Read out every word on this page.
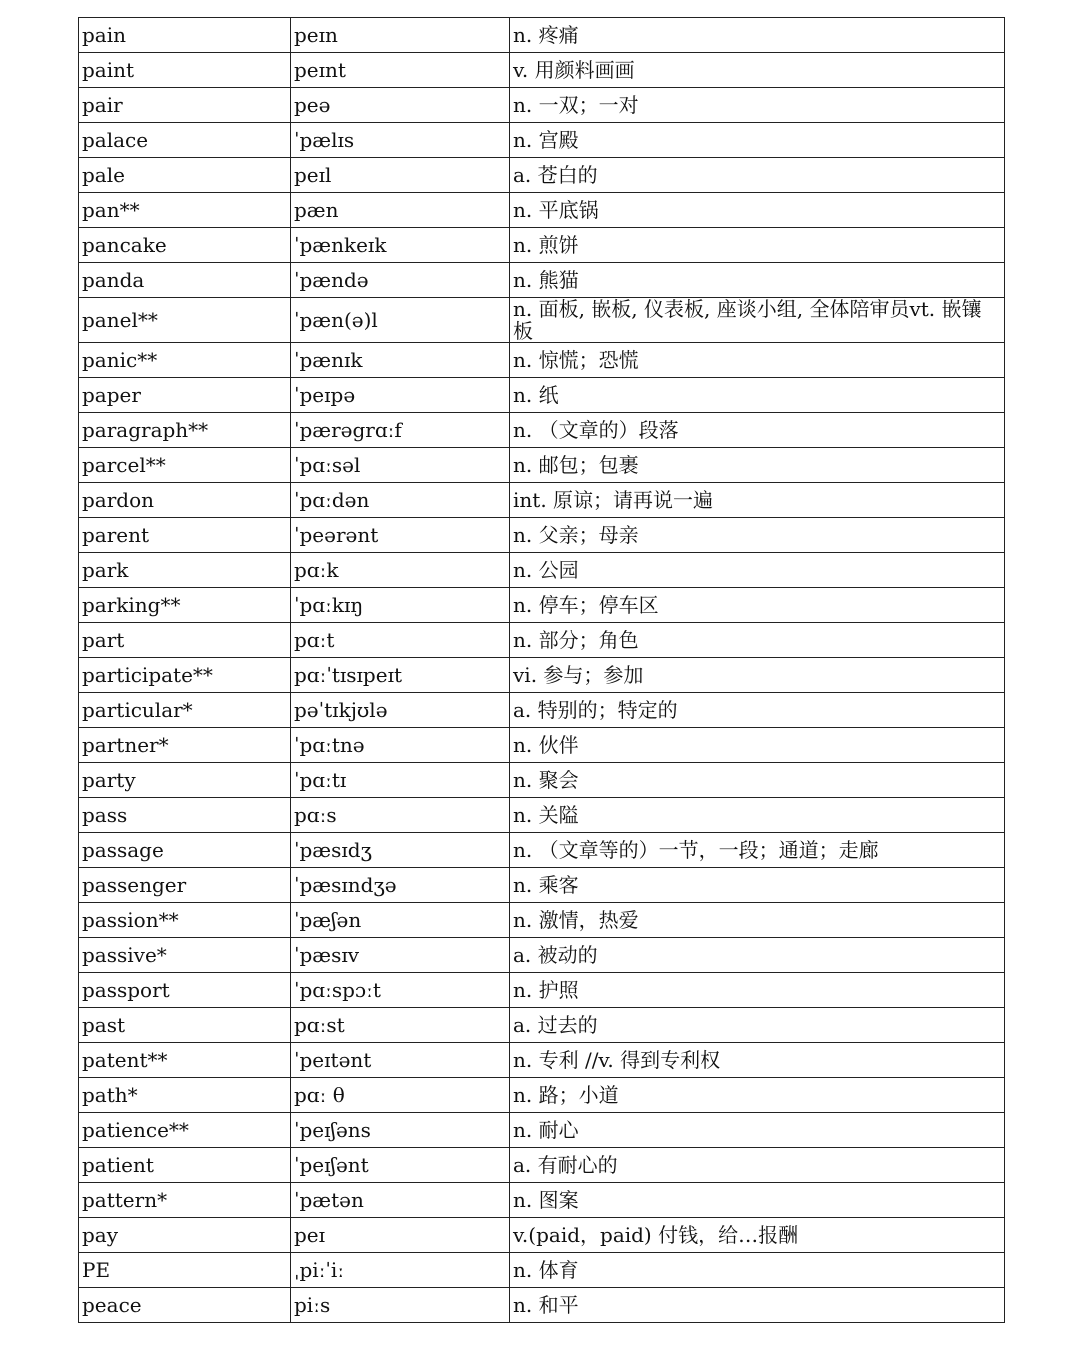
pain	peɪn	n. 疼痛
paint	peɪnt	v. 用颜料画画
pair	peə	n. 一双；一对
palace	ˈpælɪs	n. 宫殿
pale	peɪl	a. 苍白的
pan**	pæn	n. 平底锅
pancake	ˈpænkeɪk	n. 煎饼
panda	ˈpændə	n. 熊猫
panel**	ˈpæn(ə)l	n. 面板, 嵌板, 仪表板, 座谈小组, 全体陪审员vt. 嵌镶板
panic**	ˈpænɪk	n. 惊慌；恐慌
paper	ˈpeɪpə	n. 纸
paragraph**	ˈpærəgrɑːf	n. （文章的）段落
parcel**	ˈpɑːsəl	n. 邮包；包裹
pardon	ˈpɑːdən	int. 原谅；请再说一遍
parent	ˈpeərənt	n. 父亲；母亲
park	pɑːk	n. 公园
parking**	ˈpɑːkɪŋ	n. 停车；停车区
part	pɑːt	n. 部分；角色
participate**	pɑːˈtɪsɪpeɪt	vi. 参与；参加
particular*	pəˈtɪkjʊlə	a. 特别的；特定的
partner*	ˈpɑːtnə	n. 伙伴
party	ˈpɑːtɪ	n. 聚会
pass	pɑːs	n. 关隘
passage	ˈpæsɪdʒ	n. （文章等的）一节，一段；通道；走廊
passenger	ˈpæsɪndʒə	n. 乘客
passion**	ˈpæʃən	n. 激情，热爱
passive*	ˈpæsɪv	a. 被动的
passport	ˈpɑːspɔːt	n. 护照
past	pɑːst	a. 过去的
patent**	ˈpeɪtənt	n. 专利 //v. 得到专利权
path*	pɑː θ	n. 路；小道
patience**	ˈpeɪʃəns	n. 耐心
patient	ˈpeɪʃənt	a. 有耐心的
pattern*	ˈpætən	n. 图案
pay	peɪ	v.(paid，paid) 付钱，给…报酬
PE	ˌpiːˈiː	n. 体育
peace	piːs	n. 和平
